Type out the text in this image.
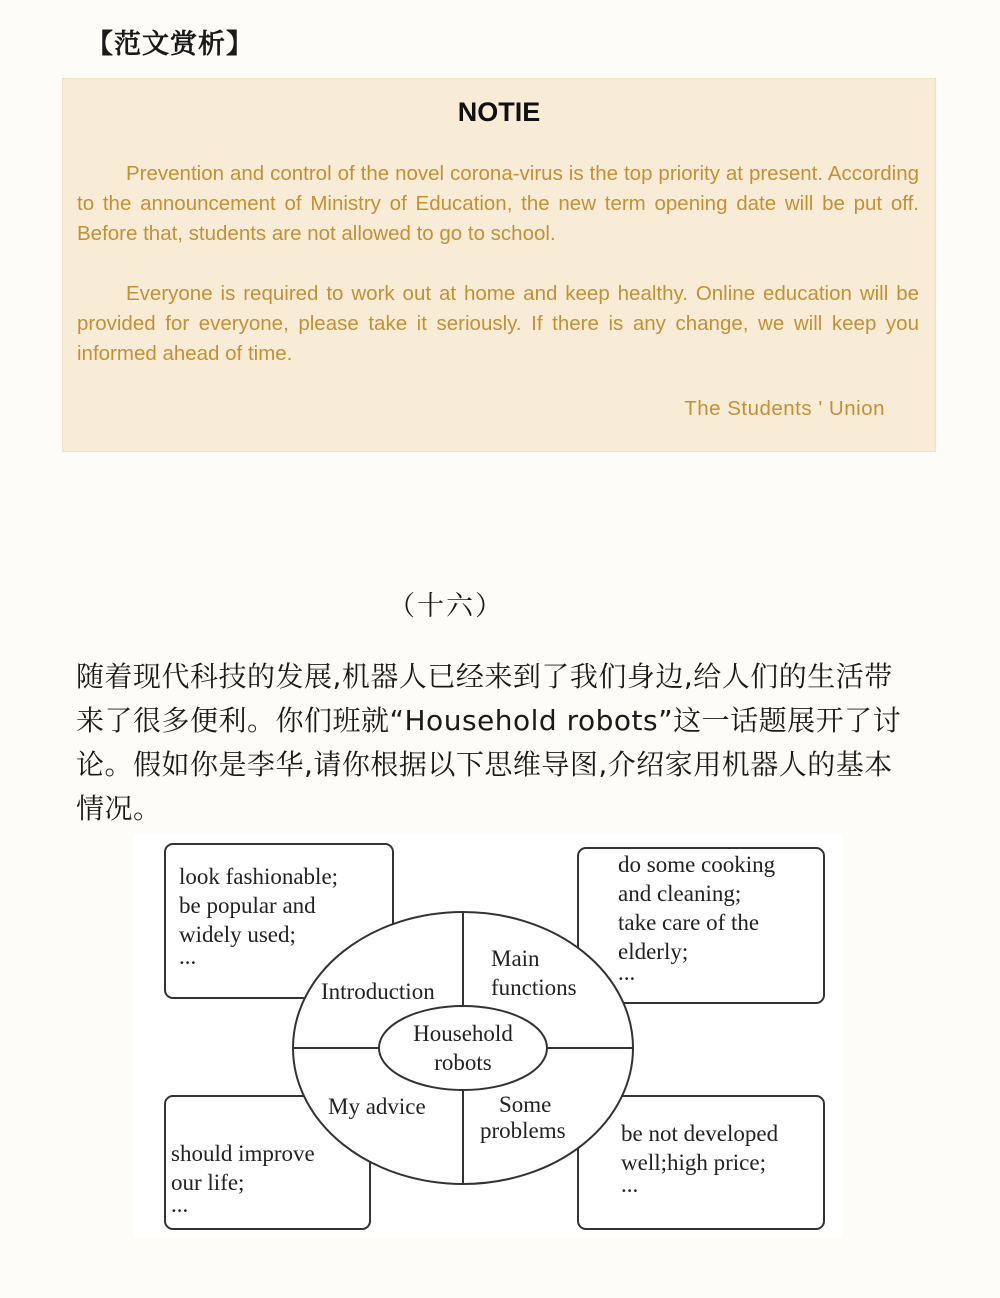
【范文赏析】
NOTIE

Prevention and control of the novel corona-virus is the top priority at present. According to the announcement of Ministry of Education, the new term opening date will be put off. Before that, students are not allowed to go to school.

Everyone is required to work out at home and keep healthy. Online education will be provided for everyone, please take it seriously. If there is any change, we will keep you informed ahead of time.

The Students ' Union
（十六）

随着现代科技的发展,机器人已经来到了我们身边,给人们的生活带来了很多便利。你们班就“Household robots”这一话题展开了讨论。假如你是李华,请你根据以下思维导图,介绍家用机器人的基本情况。

Household
robots
Introduction
Main
functions
My advice	Some
problems
look fashionable;
be popular and
widely used;
...
do some cooking
and cleaning;
take care of the
elderly;
...
should improve
our life;
...
be not developed
well;high price;
...
